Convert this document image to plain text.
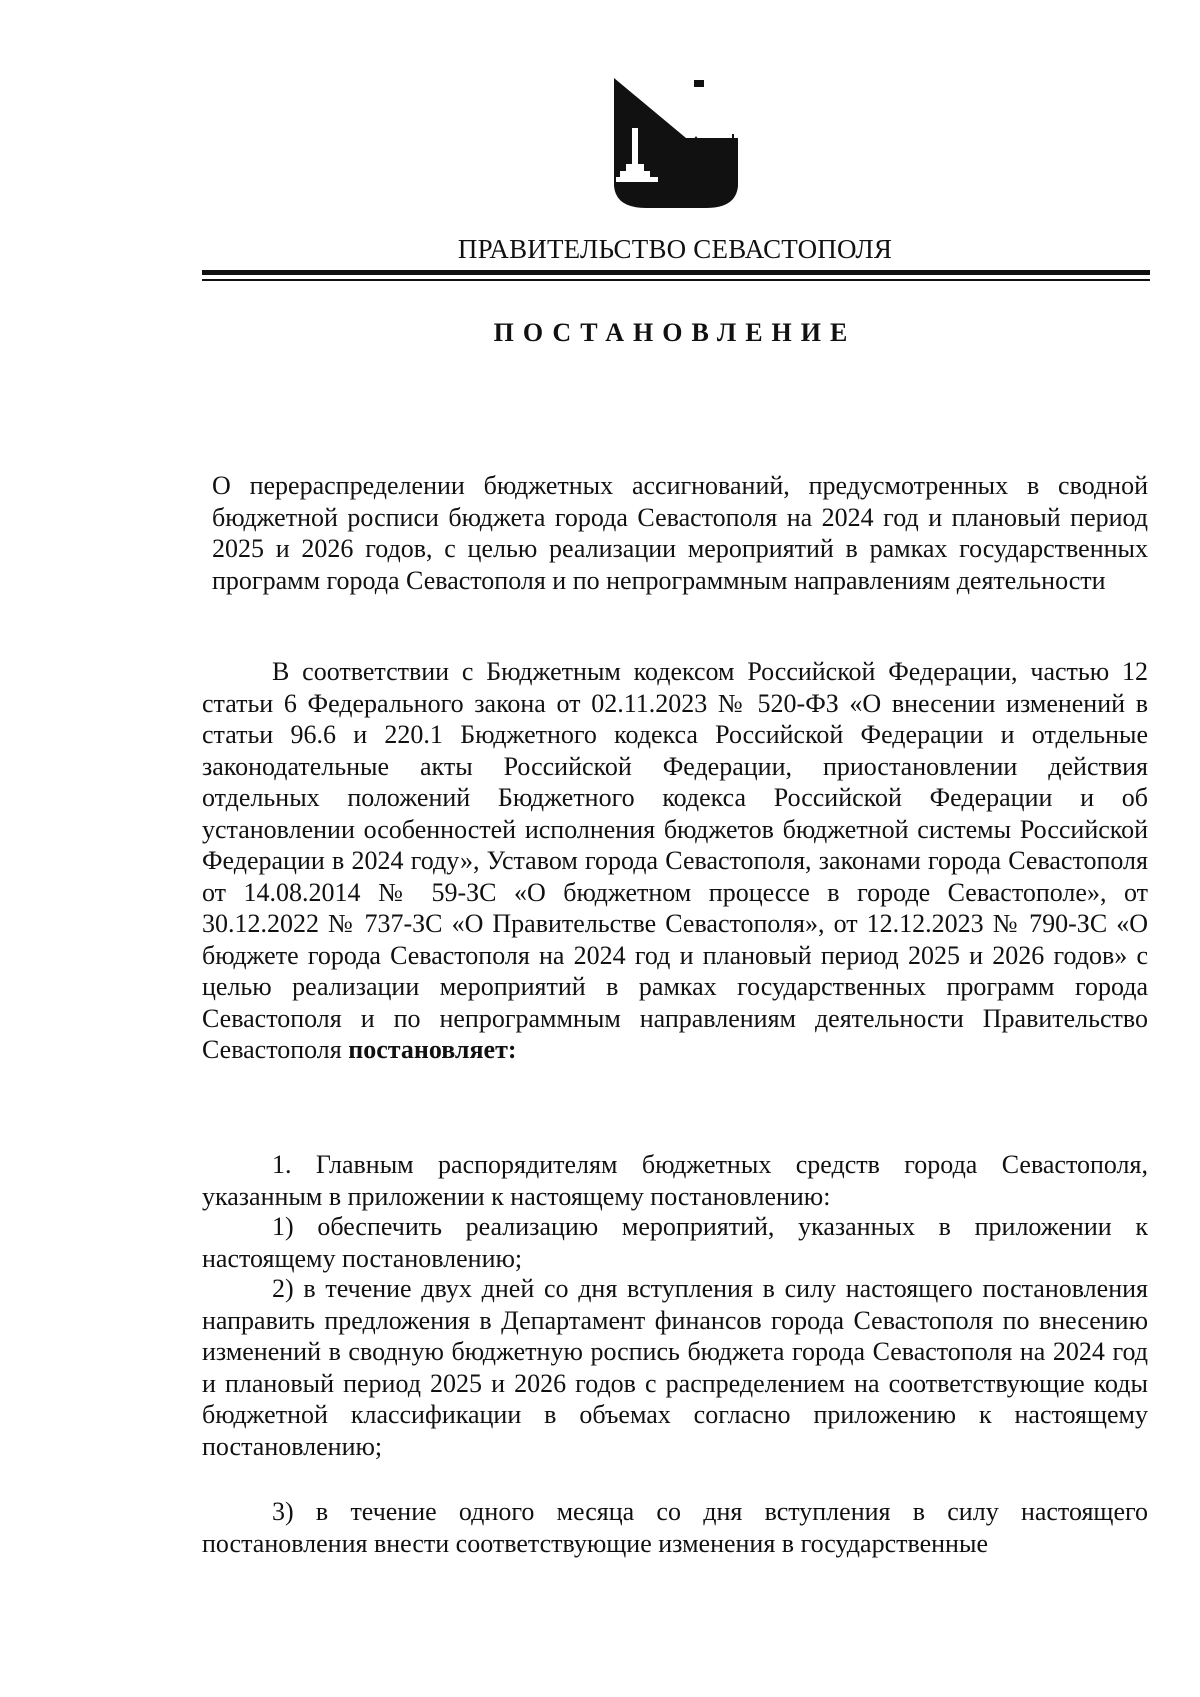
ПРАВИТЕЛЬСТВО СЕВАСТОПОЛЯ
ПОСТАНОВЛЕНИЕ

О перераспределении бюджетных ассигнований, предусмотренных в сводной бюджетной росписи бюджета города Севастополя на 2024 год и плановый период 2025 и 2026 годов, с целью реализации мероприятий в рамках государственных программ города Севастополя и по непрограммным направлениям деятельности

В соответствии с Бюджетным кодексом Российской Федерации, частью 12 статьи 6 Федерального закона от 02.11.2023 № 520-ФЗ «О внесении изменений в статьи 96.6 и 220.1 Бюджетного кодекса Российской Федерации и отдельные законодательные акты Российской Федерации, приостановлении действия отдельных положений Бюджетного кодекса Российской Федерации и об установлении особенностей исполнения бюджетов бюджетной системы Российской Федерации в 2024 году», Уставом города Севастополя, законами города Севастополя от 14.08.2014 № 59-ЗС «О бюджетном процессе в городе Севастополе», от 30.12.2022 № 737-ЗС «О Правительстве Севастополя», от 12.12.2023 № 790-ЗС «О бюджете города Севастополя на 2024 год и плановый период 2025 и 2026 годов» с целью реализации мероприятий в рамках государственных программ города Севастополя и по непрограммным направлениям деятельности Правительство Севастополя постановляет:

1. Главным распорядителям бюджетных средств города Севастополя, указанным в приложении к настоящему постановлению:

1) обеспечить реализацию мероприятий, указанных в приложении к настоящему постановлению;

2) в течение двух дней со дня вступления в силу настоящего постановления направить предложения в Департамент финансов города Севастополя по внесению изменений в сводную бюджетную роспись бюджета города Севастополя на 2024 год и плановый период 2025 и 2026 годов с распределением на соответствующие коды бюджетной классификации в объемах согласно приложению к настоящему постановлению;

3) в течение одного месяца со дня вступления в силу настоящего постановления внести соответствующие изменения в государственные
